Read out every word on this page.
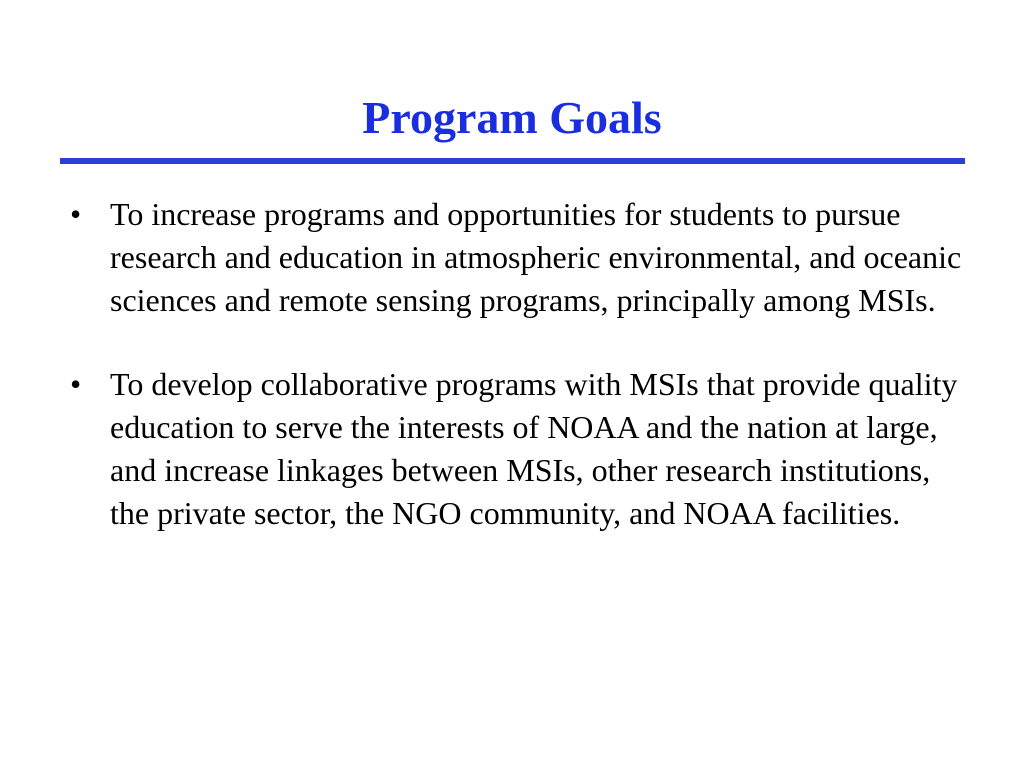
Program Goals
• To increase programs and opportunities for students to pursue research and education in atmospheric environmental, and oceanic sciences and remote sensing programs, principally among MSIs.
• To develop collaborative programs with MSIs that provide quality education to serve the interests of NOAA and the nation at large, and increase linkages between MSIs, other research institutions, the private sector, the NGO community, and NOAA facilities.
